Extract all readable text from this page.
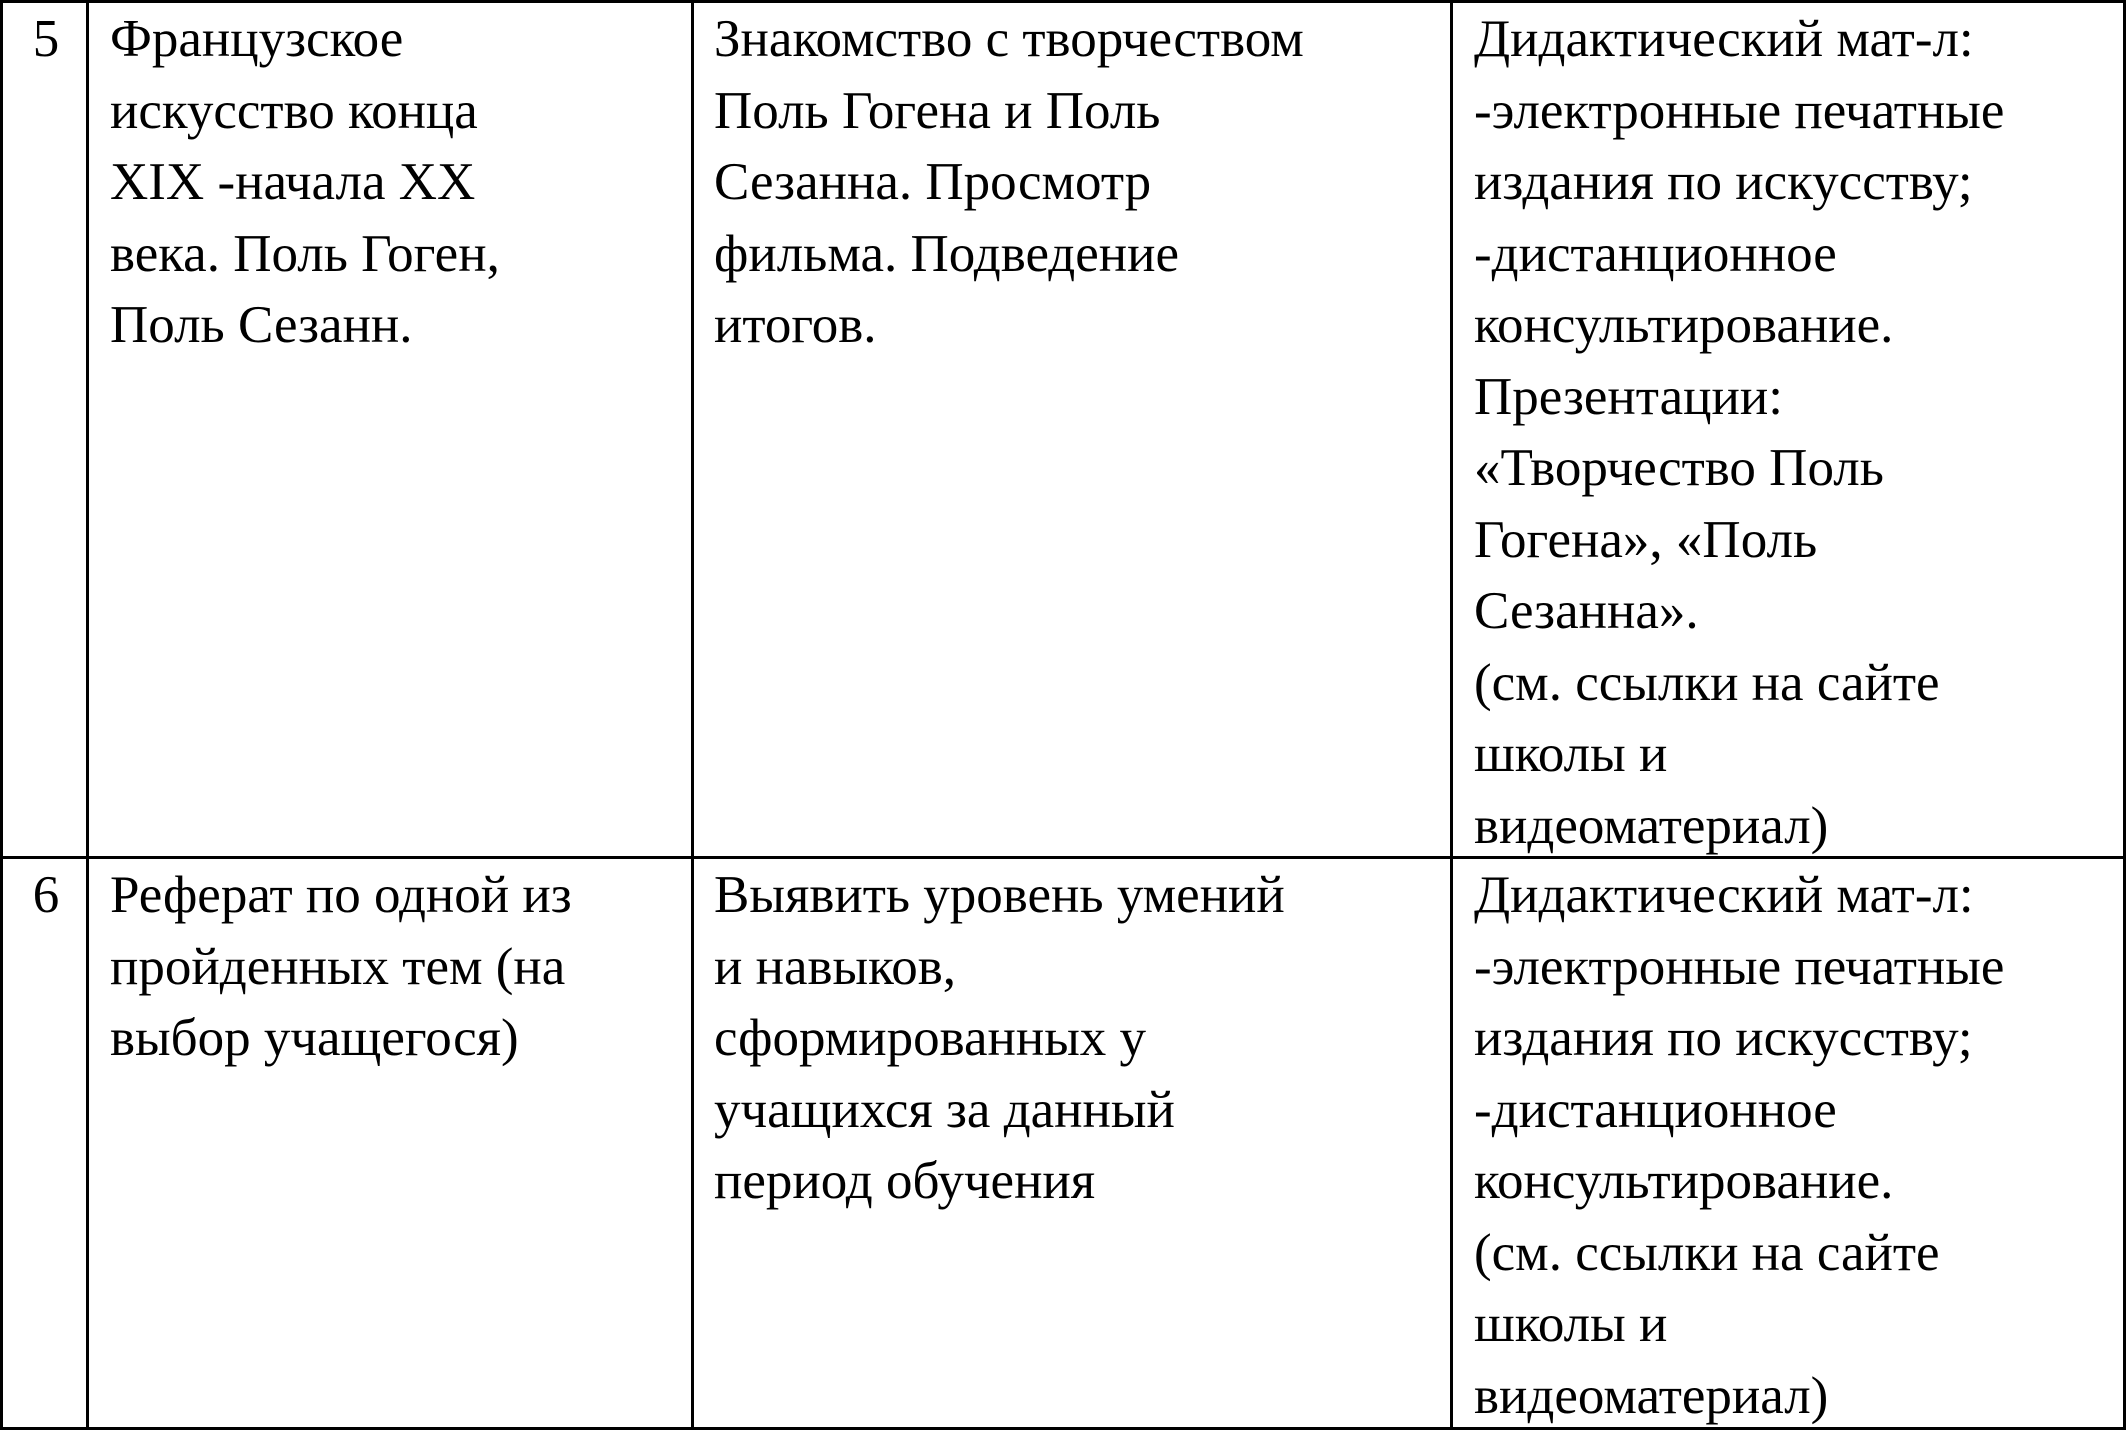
5 Французское
искусство конца
XIX -начала XX
века. Поль Гоген,
Поль Сезанн.
Знакомство с творчеством
Поль Гогена и Поль
Сезанна. Просмотр
фильма. Подведение
итогов.
Дидактический мат-л:
-электронные печатные
издания по искусству;
-дистанционное
консультирование.
Презентации:
«Творчество Поль
Гогена», «Поль
Сезанна».
(см. ссылки на сайте
школы и
видеоматериал)
6 Реферат по одной из
пройденных тем (на
выбор учащегося)
Выявить уровень умений
и навыков,
сформированных у
учащихся за данный
период обучения
Дидактический мат-л:
-электронные печатные
издания по искусству;
-дистанционное
консультирование.
(см. ссылки на сайте
школы и
видеоматериал)
